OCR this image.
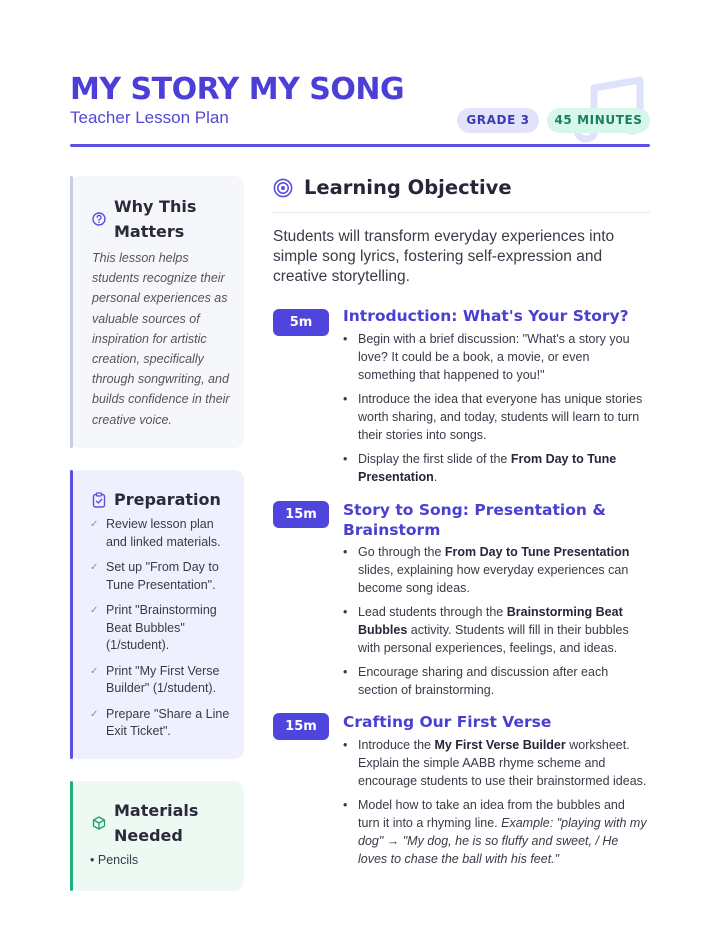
MY STORY MY SONG
Teacher Lesson Plan	GRADE 3	45 MINUTES
Why This
Matters
This lesson helps students recognize their personal experiences as valuable sources of inspiration for artistic creation, specifically through songwriting, and builds confidence in their creative voice.
Preparation
✓ Review lesson plan and linked materials.
✓ Set up "From Day to Tune Presentation".
✓ Print "Brainstorming Beat Bubbles" (1/student).
✓ Print "My First Verse Builder" (1/student).
✓ Prepare "Share a Line Exit Ticket".
Materials
Needed
• Pencils
Learning Objective
Students will transform everyday experiences into simple song lyrics, fostering self-expression and creative storytelling.
5m	Introduction: What's Your Story?
• Begin with a brief discussion: "What's a story you love? It could be a book, a movie, or even something that happened to you!"
• Introduce the idea that everyone has unique stories worth sharing, and today, students will learn to turn their stories into songs.
• Display the first slide of the From Day to Tune Presentation.
15m	Story to Song: Presentation & Brainstorm
• Go through the From Day to Tune Presentation slides, explaining how everyday experiences can become song ideas.
• Lead students through the Brainstorming Beat Bubbles activity. Students will fill in their bubbles with personal experiences, feelings, and ideas.
• Encourage sharing and discussion after each section of brainstorming.
15m	Crafting Our First Verse
• Introduce the My First Verse Builder worksheet. Explain the simple AABB rhyme scheme and encourage students to use their brainstormed ideas.
• Model how to take an idea from the bubbles and turn it into a rhyming line. Example: "playing with my dog" → "My dog, he is so fluffy and sweet, / He loves to chase the ball with his feet."
